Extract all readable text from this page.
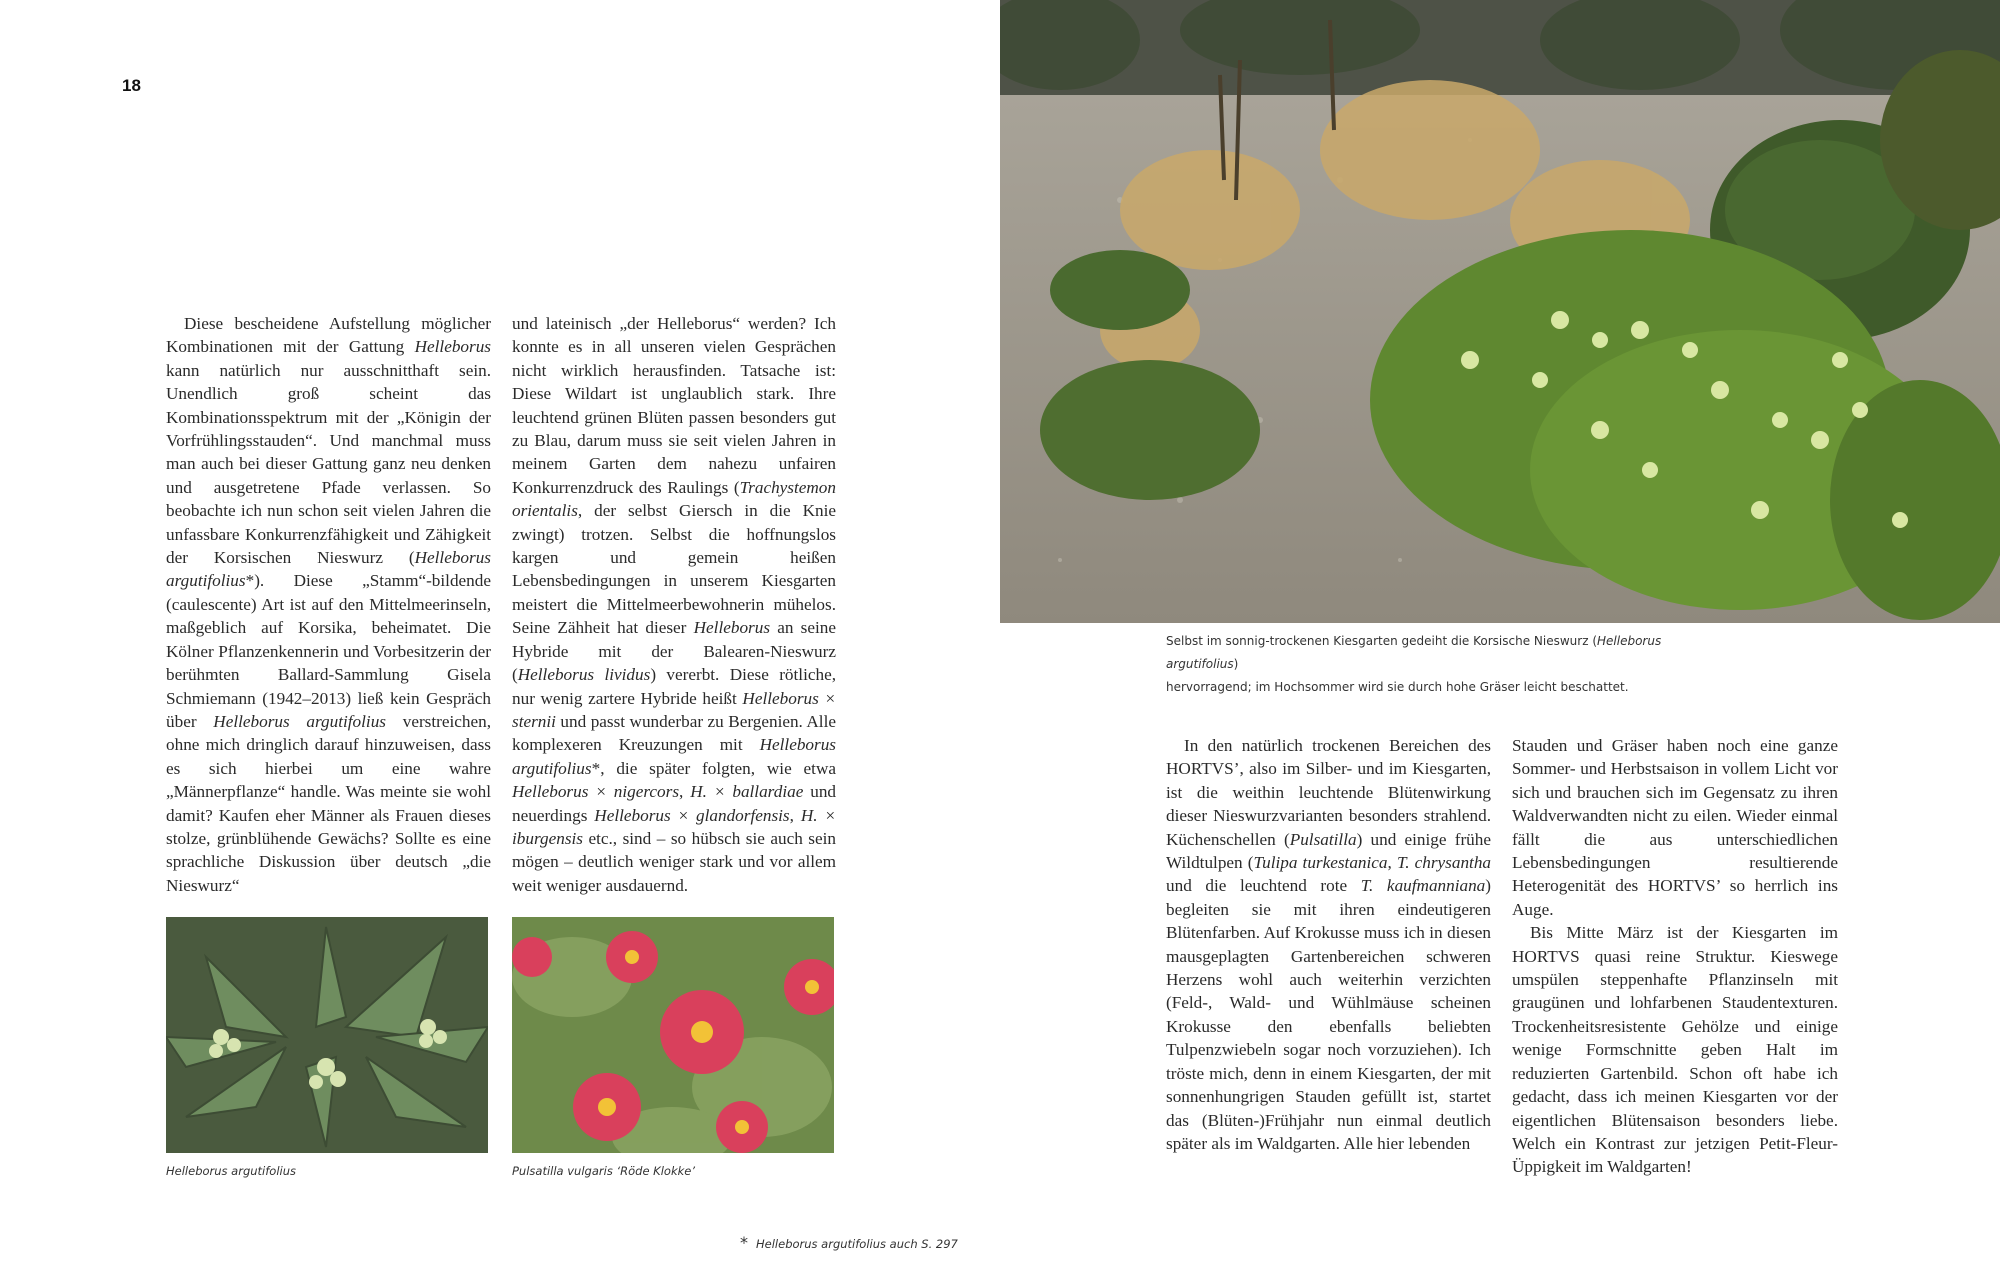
18

Diese bescheidene Aufstellung möglicher Kombinationen mit der Gattung Helleborus kann natürlich nur ausschnitthaft sein. Unendlich groß scheint das Kombinationsspektrum mit der „Königin der Vorfrühlingsstauden“. Und manchmal muss man auch bei dieser Gattung ganz neu denken und ausgetretene Pfade verlassen. So beobachte ich nun schon seit vielen Jahren die unfassbare Konkurrenzfähigkeit und Zähigkeit der Korsischen Nieswurz (Helleborus argutifolius*). Diese „Stamm“-bildende (caulescente) Art ist auf den Mittelmeerinseln, maßgeblich auf Korsika, beheimatet. Die Kölner Pflanzenkennerin und Vorbesitzerin der berühmten Ballard-Sammlung Gisela Schmiemann (1942–2013) ließ kein Gespräch über Helleborus argutifolius verstreichen, ohne mich dringlich darauf hinzuweisen, dass es sich hierbei um eine wahre „Männerpflanze“ handle. Was meinte sie wohl damit? Kaufen eher Männer als Frauen dieses stolze, grünblühende Gewächs? Sollte es eine sprachliche Diskussion über deutsch „die Nieswurz“

und lateinisch „der Helleborus“ werden? Ich konnte es in all unseren vielen Gesprächen nicht wirklich herausfinden. Tatsache ist: Diese Wildart ist unglaublich stark. Ihre leuchtend grünen Blüten passen besonders gut zu Blau, darum muss sie seit vielen Jahren in meinem Garten dem nahezu unfairen Konkurrenzdruck des Raulings (Trachystemon orientalis, der selbst Giersch in die Knie zwingt) trotzen. Selbst die hoffnungslos kargen und gemein heißen Lebensbedingungen in unserem Kiesgarten meistert die Mittelmeerbewohnerin mühelos. Seine Zähheit hat dieser Helleborus an seine Hybride mit der Balearen-Nieswurz (Helleborus lividus) vererbt. Diese rötliche, nur wenig zartere Hybride heißt Helleborus × sternii und passt wunderbar zu Bergenien. Alle komplexeren Kreuzungen mit Helleborus argutifolius*, die später folgten, wie etwa Helleborus × nigercors, H. × ballardiae und neuerdings Helleborus × glandorfensis, H. × iburgensis etc., sind – so hübsch sie auch sein mögen – deutlich weniger stark und vor allem weit weniger ausdauernd.

Selbst im sonnig-trockenen Kiesgarten gedeiht die Korsische Nieswurz (Helleborus argutifolius)
hervorragend; im Hochsommer wird sie durch hohe Gräser leicht beschattet.
Helleborus argutifolius	Pulsatilla vulgaris ‘Röde Klokke’

In den natürlich trockenen Bereichen des HORTVS’, also im Silber- und im Kiesgarten, ist die weithin leuchtende Blütenwirkung dieser Nieswurzvarianten besonders strahlend. Küchenschellen (Pulsatilla) und einige frühe Wildtulpen (Tulipa turkestanica, T. chrysantha und die leuchtend rote T. kaufmanniana) begleiten sie mit ihren eindeutigeren Blütenfarben. Auf Krokusse muss ich in diesen mausgeplagten Gartenbereichen schweren Herzens wohl auch weiterhin verzichten (Feld-, Wald- und Wühlmäuse scheinen Krokusse den ebenfalls beliebten Tulpenzwiebeln sogar noch vorzuziehen). Ich tröste mich, denn in einem Kiesgarten, der mit sonnenhungrigen Stauden gefüllt ist, startet das (Blüten-)Frühjahr nun einmal deutlich später als im Waldgarten. Alle hier lebenden

Stauden und Gräser haben noch eine ganze Sommer- und Herbstsaison in vollem Licht vor sich und brauchen sich im Gegensatz zu ihren Waldverwandten nicht zu eilen. Wieder einmal fällt die aus unterschiedlichen Lebensbedingungen resultierende Heterogenität des HORTVS’ so herrlich ins Auge.

Bis Mitte März ist der Kiesgarten im HORTVS quasi reine Struktur. Kieswege umspülen steppenhafte Pflanzinseln mit graugünen und lohfarbenen Staudentexturen. Trockenheitsresistente Gehölze und einige wenige Formschnitte geben Halt im reduzierten Gartenbild. Schon oft habe ich gedacht, dass ich meinen Kiesgarten vor der eigentlichen Blütensaison besonders liebe. Welch ein Kontrast zur jetzigen Petit-Fleur-Üppigkeit im Waldgarten!

* Helleborus argutifolius auch S. 297
